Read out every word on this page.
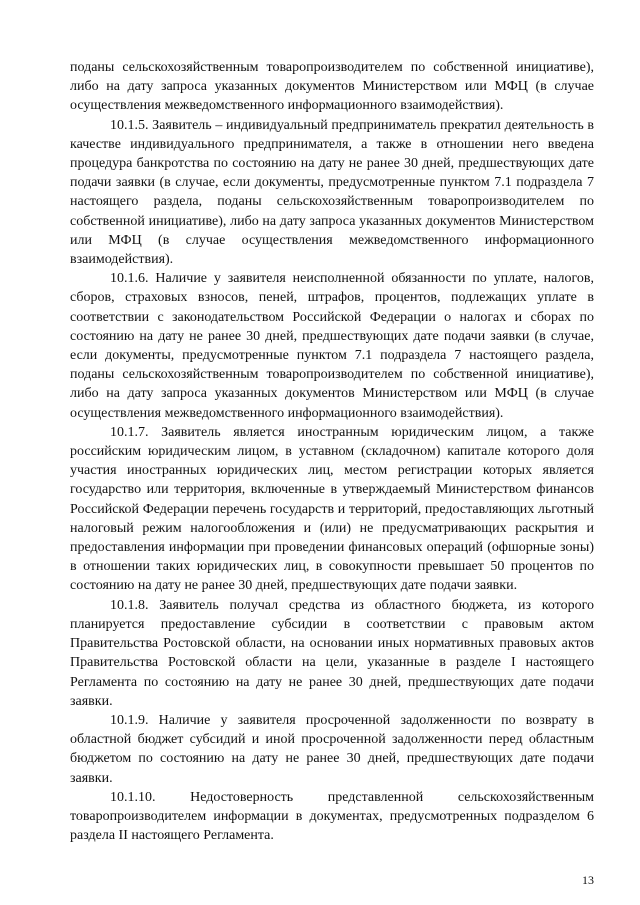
поданы сельскохозяйственным товаропроизводителем по собственной инициативе), либо на дату запроса указанных документов Министерством или МФЦ (в случае осуществления межведомственного информационного взаимодействия).

10.1.5. Заявитель – индивидуальный предприниматель прекратил деятельность в качестве индивидуального предпринимателя, а также в отношении него введена процедура банкротства по состоянию на дату не ранее 30 дней, предшествующих дате подачи заявки (в случае, если документы, предусмотренные пунктом 7.1 подраздела 7 настоящего раздела, поданы сельскохозяйственным товаропроизводителем по собственной инициативе), либо на дату запроса указанных документов Министерством или МФЦ (в случае осуществления межведомственного информационного взаимодействия).

10.1.6. Наличие у заявителя неисполненной обязанности по уплате, налогов, сборов, страховых взносов, пеней, штрафов, процентов, подлежащих уплате в соответствии с законодательством Российской Федерации о налогах и сборах по состоянию на дату не ранее 30 дней, предшествующих дате подачи заявки (в случае, если документы, предусмотренные пунктом 7.1 подраздела 7 настоящего раздела, поданы сельскохозяйственным товаропроизводителем по собственной инициативе), либо на дату запроса указанных документов Министерством или МФЦ (в случае осуществления межведомственного информационного взаимодействия).

10.1.7. Заявитель является иностранным юридическим лицом, а также российским юридическим лицом, в уставном (складочном) капитале которого доля участия иностранных юридических лиц, местом регистрации которых является государство или территория, включенные в утверждаемый Министерством финансов Российской Федерации перечень государств и территорий, предоставляющих льготный налоговый режим налогообложения и (или) не предусматривающих раскрытия и предоставления информации при проведении финансовых операций (офшорные зоны) в отношении таких юридических лиц, в совокупности превышает 50 процентов по состоянию на дату не ранее 30 дней, предшествующих дате подачи заявки.

10.1.8. Заявитель получал средства из областного бюджета, из которого планируется предоставление субсидии в соответствии с правовым актом Правительства Ростовской области, на основании иных нормативных правовых актов Правительства Ростовской области на цели, указанные в разделе I настоящего Регламента по состоянию на дату не ранее 30 дней, предшествующих дате подачи заявки.

10.1.9. Наличие у заявителя просроченной задолженности по возврату в областной бюджет субсидий и иной просроченной задолженности перед областным бюджетом по состоянию на дату не ранее 30 дней, предшествующих дате подачи заявки.

10.1.10. Недостоверность представленной сельскохозяйственным товаропроизводителем информации в документах, предусмотренных подразделом 6 раздела II настоящего Регламента.

13
